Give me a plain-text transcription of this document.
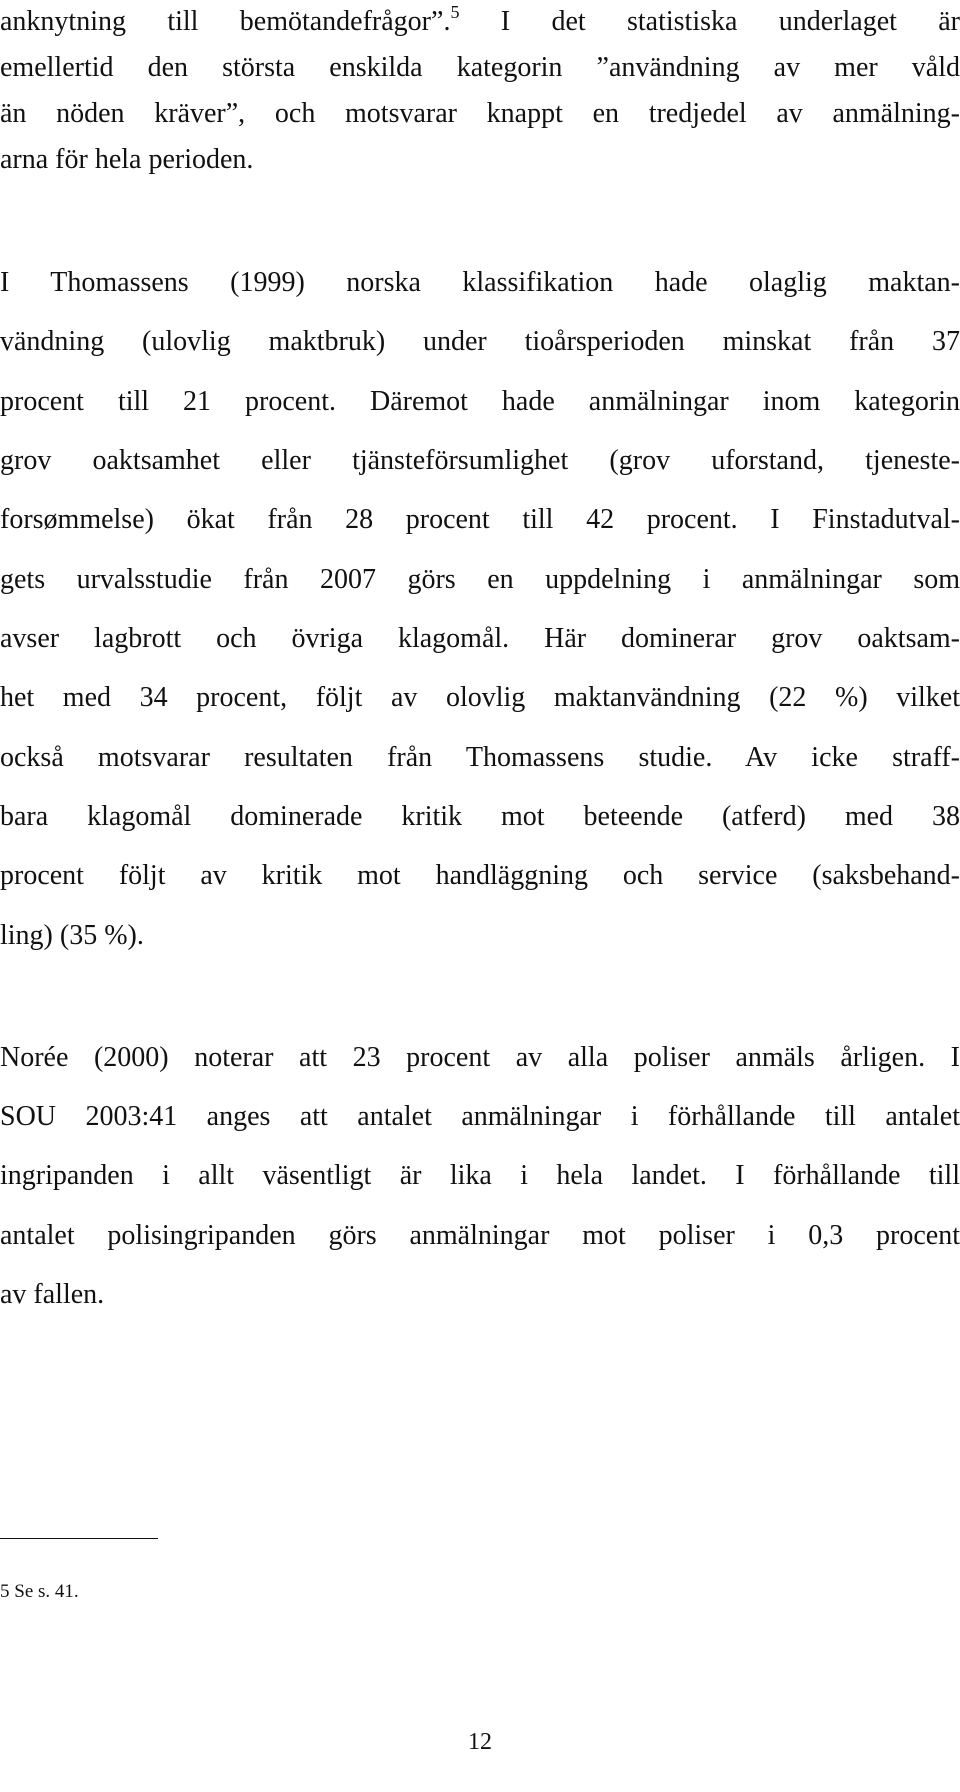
anknytning till bemötandefrågor”.$^5$ I det statistiska underlaget är
emellertid den största enskilda kategorin ”användning av mer våld
än nöden kräver”, och motsvarar knappt en tredjedel av anmälning-
arna för hela perioden.
I Thomassens (1999) norska klassifikation hade olaglig maktan-
vändning (ulovlig maktbruk) under tioårsperioden minskat från 37
procent till 21 procent. Däremot hade anmälningar inom kategorin
grov oaktsamhet eller tjänsteförsumlighet (grov uforstand, tjeneste-
forsømmelse) ökat från 28 procent till 42 procent. I Finstadutval-
gets urvalsstudie från 2007 görs en uppdelning i anmälningar som
avser lagbrott och övriga klagomål. Här dominerar grov oaktsam-
het med 34 procent, följt av olovlig maktanvändning (22 %) vilket
också motsvarar resultaten från Thomassens studie. Av icke straff-
bara klagomål dominerade kritik mot beteende (atferd) med 38
procent följt av kritik mot handläggning och service (saksbehand-
ling) (35 %).
Norée (2000) noterar att 23 procent av alla poliser anmäls årligen. I
SOU 2003:41 anges att antalet anmälningar i förhållande till antalet
ingripanden i allt väsentligt är lika i hela landet. I förhållande till
antalet polisingripanden görs anmälningar mot poliser i 0,3 procent
av fallen.
5 Se s. 41.
12
